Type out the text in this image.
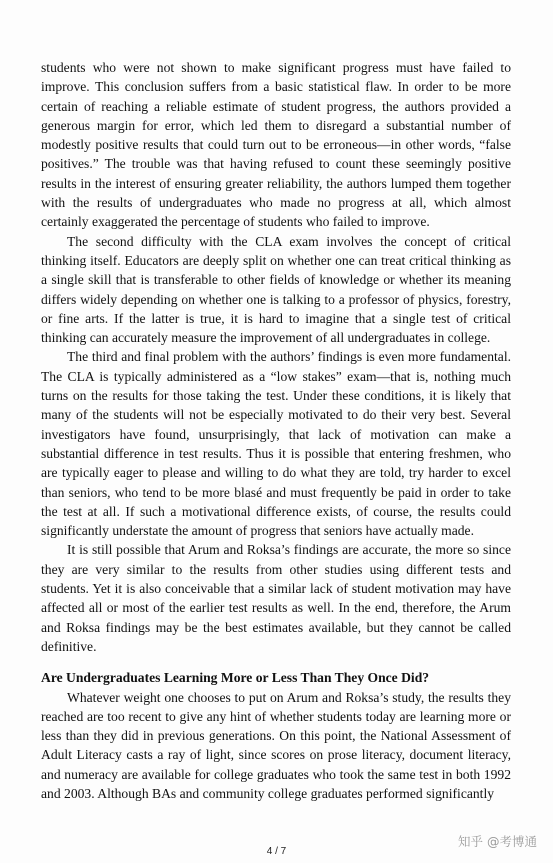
students who were not shown to make significant progress must have failed to improve. This conclusion suffers from a basic statistical flaw. In order to be more certain of reaching a reliable estimate of student progress, the authors provided a generous margin for error, which led them to disregard a substantial number of modestly positive results that could turn out to be erroneous—in other words, “false positives.” The trouble was that having refused to count these seemingly positive results in the interest of ensuring greater reliability, the authors lumped them together with the results of undergraduates who made no progress at all, which almost certainly exaggerated the percentage of students who failed to improve.

The second difficulty with the CLA exam involves the concept of critical thinking itself. Educators are deeply split on whether one can treat critical thinking as a single skill that is transferable to other fields of knowledge or whether its meaning differs widely depending on whether one is talking to a professor of physics, forestry, or fine arts. If the latter is true, it is hard to imagine that a single test of critical thinking can accurately measure the improvement of all undergraduates in college.

The third and final problem with the authors’ findings is even more fundamental. The CLA is typically administered as a “low stakes” exam—that is, nothing much turns on the results for those taking the test. Under these conditions, it is likely that many of the students will not be especially motivated to do their very best. Several investigators have found, unsurprisingly, that lack of motivation can make a substantial difference in test results. Thus it is possible that entering freshmen, who are typically eager to please and willing to do what they are told, try harder to excel than seniors, who tend to be more blasé and must frequently be paid in order to take the test at all. If such a motivational difference exists, of course, the results could significantly understate the amount of progress that seniors have actually made.

It is still possible that Arum and Roksa’s findings are accurate, the more so since they are very similar to the results from other studies using different tests and students. Yet it is also conceivable that a similar lack of student motivation may have affected all or most of the earlier test results as well. In the end, therefore, the Arum and Roksa findings may be the best estimates available, but they cannot be called definitive.

Are Undergraduates Learning More or Less Than They Once Did?

Whatever weight one chooses to put on Arum and Roksa’s study, the results they reached are too recent to give any hint of whether students today are learning more or less than they did in previous generations. On this point, the National Assessment of Adult Literacy casts a ray of light, since scores on prose literacy, document literacy, and numeracy are available for college graduates who took the same test in both 1992 and 2003. Although BAs and community college graduates performed significantly

知乎 @考博通
4 / 7
